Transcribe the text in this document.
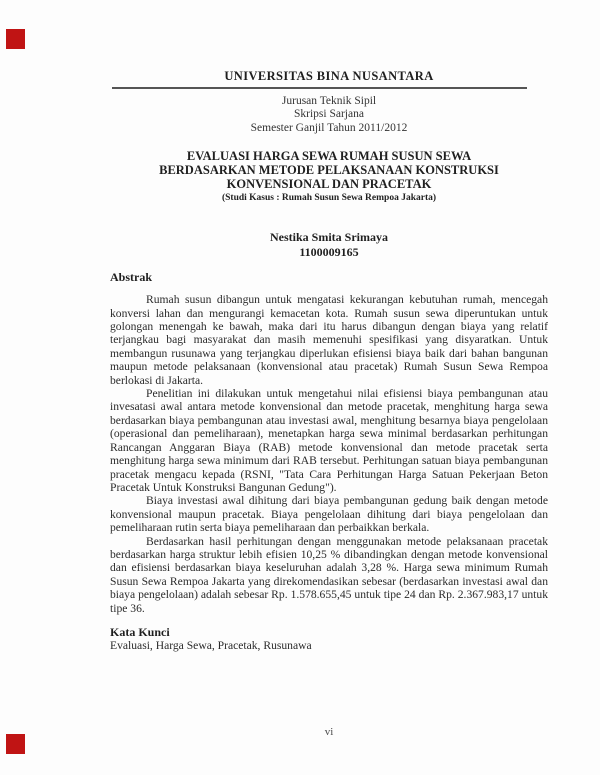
UNIVERSITAS BINA NUSANTARA
Jurusan Teknik Sipil
Skripsi Sarjana
Semester Ganjil Tahun 2011/2012
EVALUASI HARGA SEWA RUMAH SUSUN SEWA
BERDASARKAN METODE PELAKSANAAN KONSTRUKSI
KONVENSIONAL DAN PRACETAK
(Studi Kasus : Rumah Susun Sewa Rempoa Jakarta)
Nestika Smita Srimaya
1100009165
Abstrak

Rumah susun dibangun untuk mengatasi kekurangan kebutuhan rumah, mencegah konversi lahan dan mengurangi kemacetan kota. Rumah susun sewa diperuntukan untuk golongan menengah ke bawah, maka dari itu harus dibangun dengan biaya yang relatif terjangkau bagi masyarakat dan masih memenuhi spesifikasi yang disyaratkan. Untuk membangun rusunawa yang terjangkau diperlukan efisiensi biaya baik dari bahan bangunan maupun metode pelaksanaan (konvensional atau pracetak) Rumah Susun Sewa Rempoa berlokasi di Jakarta.

Penelitian ini dilakukan untuk mengetahui nilai efisiensi biaya pembangunan atau invesatasi awal antara metode konvensional dan metode pracetak, menghitung harga sewa berdasarkan biaya pembangunan atau investasi awal, menghitung besarnya biaya pengelolaan (operasional dan pemeliharaan), menetapkan harga sewa minimal berdasarkan perhitungan Rancangan Anggaran Biaya (RAB) metode konvensional dan metode pracetak serta menghitung harga sewa minimum dari RAB tersebut. Perhitungan satuan biaya pembangunan pracetak mengacu kepada (RSNI, "Tata Cara Perhitungan Harga Satuan Pekerjaan Beton Pracetak Untuk Konstruksi Bangunan Gedung").

Biaya investasi awal dihitung dari biaya pembangunan gedung baik dengan metode konvensional maupun pracetak. Biaya pengelolaan dihitung dari biaya pengelolaan dan pemeliharaan rutin serta biaya pemeliharaan dan perbaikkan berkala.

Berdasarkan hasil perhitungan dengan menggunakan metode pelaksanaan pracetak berdasarkan harga struktur lebih efisien 10,25 % dibandingkan dengan metode konvensional dan efisiensi berdasarkan biaya keseluruhan adalah 3,28 %. Harga sewa minimum Rumah Susun Sewa Rempoa Jakarta yang direkomendasikan sebesar (berdasarkan investasi awal dan biaya pengelolaan) adalah sebesar Rp. 1.578.655,45 untuk tipe 24 dan Rp. 2.367.983,17 untuk tipe 36.

Kata Kunci
Evaluasi, Harga Sewa, Pracetak, Rusunawa
vi
